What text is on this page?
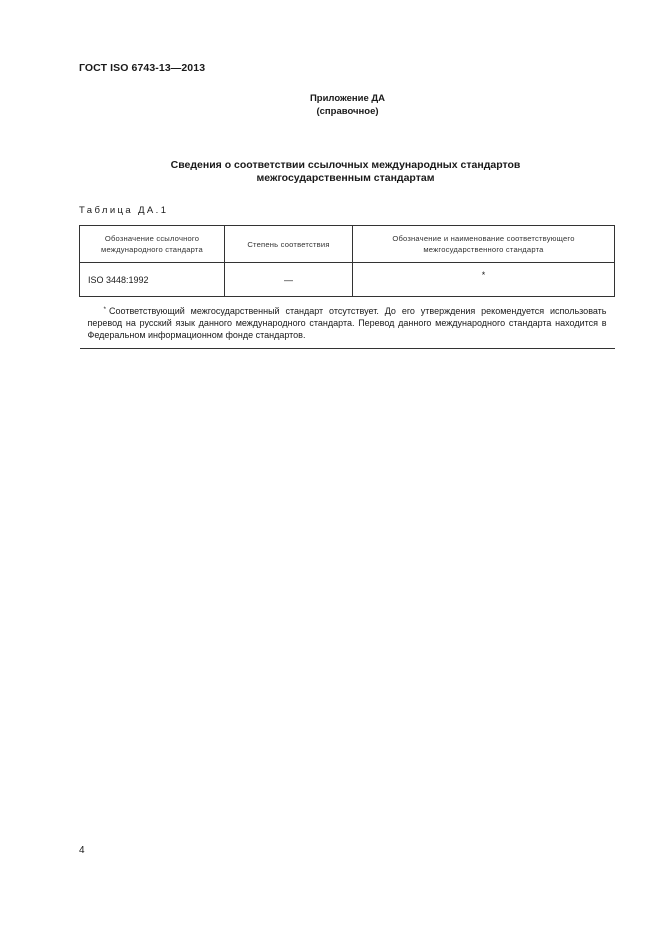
ГОСТ ISO 6743-13—2013
Приложение ДА
(справочное)
Сведения о соответствии ссылочных международных стандартов
межгосударственным стандартам
Таблица ДА.1
Обозначение ссылочного международного стандарта	Степень соответствия	Обозначение и наименование соответствующего межгосударственного стандарта
ISO 3448:1992	—	*

* Соответствующий межгосударственный стандарт отсутствует. До его утверждения рекомендуется использовать перевод на русский язык данного международного стандарта. Перевод данного международного стандарта находится в Федеральном информационном фонде стандартов.		
4
